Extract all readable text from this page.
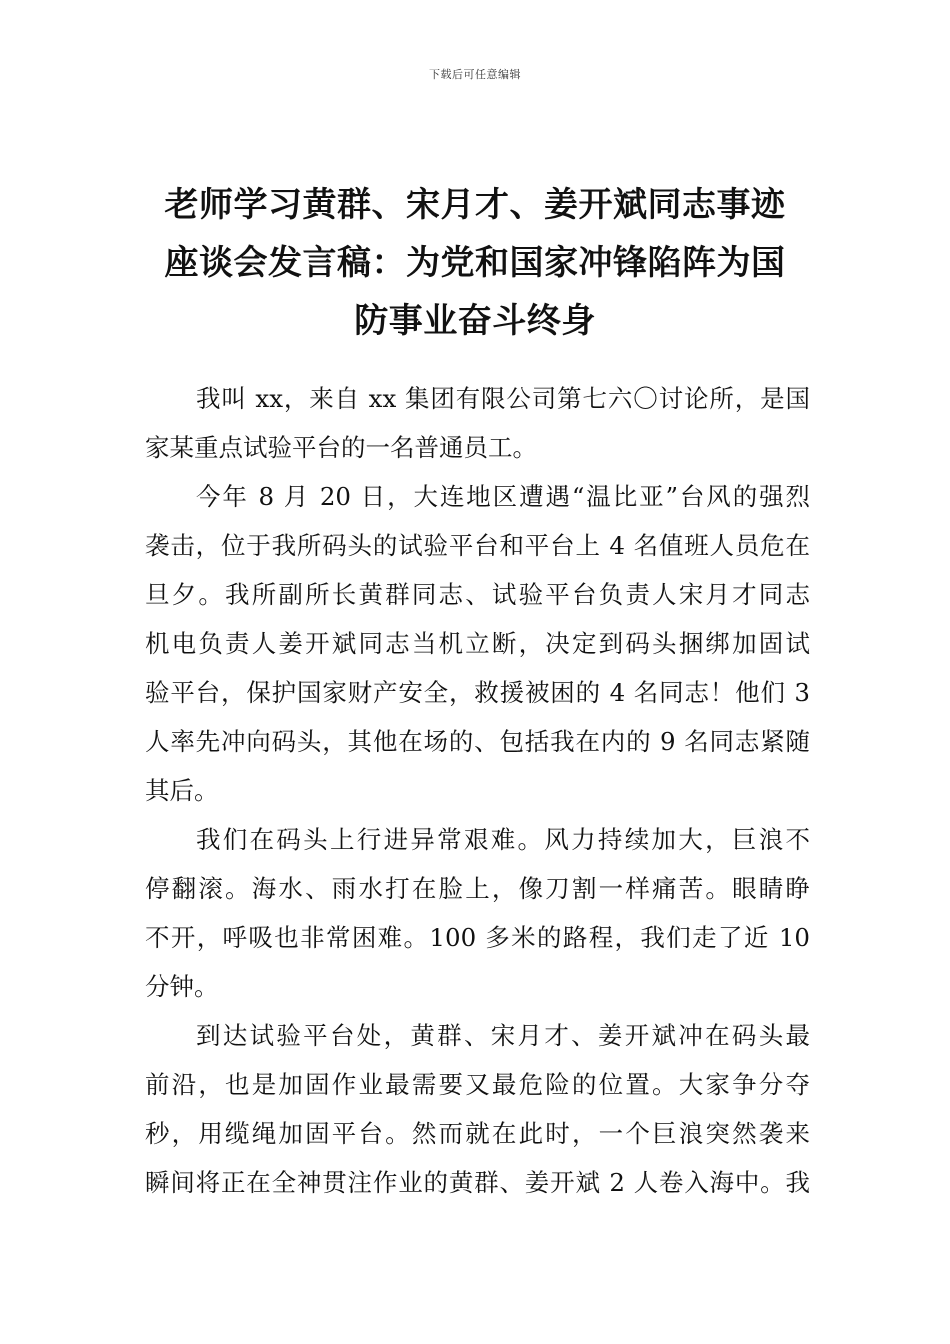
下载后可任意编辑
老师学习黄群、宋月才、姜开斌同志事迹
座谈会发言稿：为党和国家冲锋陷阵为国
防事业奋斗终身
我叫 xx，来自 xx 集团有限公司第七六〇讨论所，是国
家某重点试验平台的一名普通员工。
今年 8 月 20 日，大连地区遭遇“温比亚”台风的强烈
袭击，位于我所码头的试验平台和平台上 4 名值班人员危在
旦夕。我所副所长黄群同志、试验平台负责人宋月才同志
机电负责人姜开斌同志当机立断，决定到码头捆绑加固试
验平台，保护国家财产安全，救援被困的 4 名同志！他们 3
人率先冲向码头，其他在场的、包括我在内的 9 名同志紧随
其后。
我们在码头上行进异常艰难。风力持续加大，巨浪不
停翻滚。海水、雨水打在脸上，像刀割一样痛苦。眼睛睁
不开，呼吸也非常困难。100 多米的路程，我们走了近 10
分钟。
到达试验平台处，黄群、宋月才、姜开斌冲在码头最
前沿，也是加固作业最需要又最危险的位置。大家争分夺
秒，用缆绳加固平台。然而就在此时，一个巨浪突然袭来
瞬间将正在全神贯注作业的黄群、姜开斌 2 人卷入海中。我
